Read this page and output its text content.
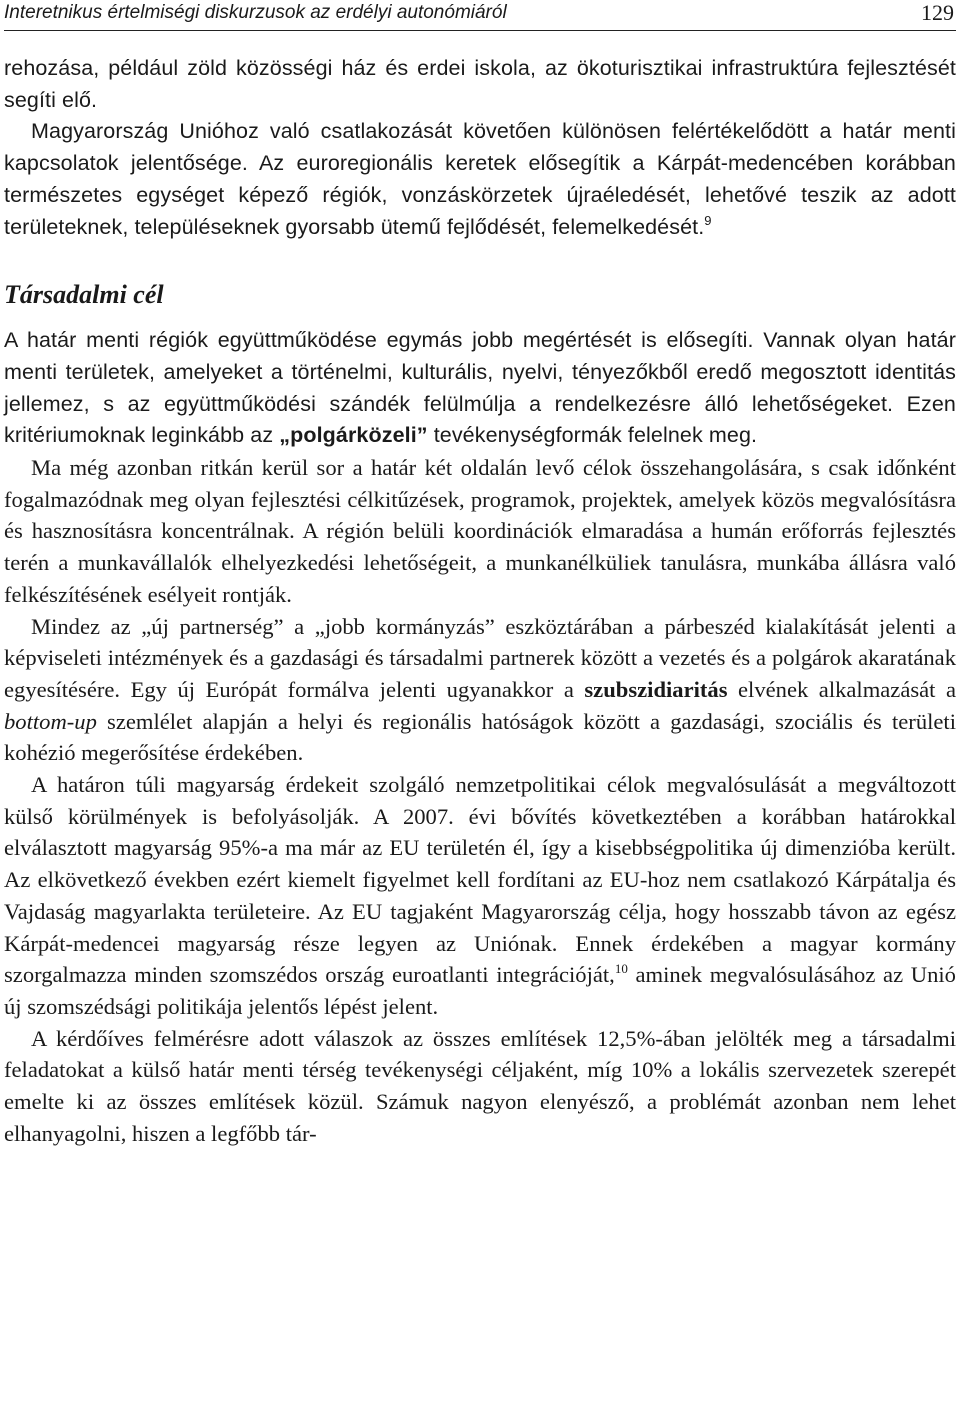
Interetnikus értelmiségi diskurzusok az erdélyi autonómiáról	129

rehozása, például zöld közösségi ház és erdei iskola, az ökoturisztikai infrastruktúra fejlesztését segíti elő.

Magyarország Unióhoz való csatlakozását követően különösen felértékelődött a határ menti kapcsolatok jelentősége. Az euroregionális keretek elősegítik a Kárpát-medencében korábban természetes egységet képező régiók, vonzáskörzetek újraéledését, lehetővé teszik az adott területeknek, településeknek gyorsabb ütemű fejlődését, felemelkedését.$^9$

Társadalmi cél

A határ menti régiók együttműködése egymás jobb megértését is elősegíti. Vannak olyan határ menti területek, amelyeket a történelmi, kulturális, nyelvi, tényezőkből eredő megosztott identitás jellemez, s az együttműködési szándék felülmúlja a rendelkezésre álló lehetőségeket. Ezen kritériumoknak leginkább az „polgárközeli” tevékenységformák felelnek meg.

Ma még azonban ritkán kerül sor a határ két oldalán levő célok összehangolására, s csak időnként fogalmazódnak meg olyan fejlesztési célkitűzések, programok, projektek, amelyek közös megvalósításra és hasznosításra koncentrálnak. A régión belüli koordinációk elmaradása a humán erőforrás fejlesztés terén a munkavállalók elhelyezkedési lehetőségeit, a munkanélküliek tanulásra, munkába állásra való felkészítésének esélyeit rontják.

Mindez az „új partnerség” a „jobb kormányzás” eszköztárában a párbeszéd kialakítását jelenti a képviseleti intézmények és a gazdasági és társadalmi partnerek között a vezetés és a polgárok akaratának egyesítésére. Egy új Európát formálva jelenti ugyanakkor a szubszidiaritás elvének alkalmazását a bottom-up szemlélet alapján a helyi és regionális hatóságok között a gazdasági, szociális és területi kohézió megerősítése érdekében.

A határon túli magyarság érdekeit szolgáló nemzetpolitikai célok megvalósulását a megváltozott külső körülmények is befolyásolják. A 2007. évi bővítés következtében a korábban határokkal elválasztott magyarság 95%-a ma már az EU területén él, így a kisebbségpolitika új dimenzióba került. Az elkövetkező években ezért kiemelt figyelmet kell fordítani az EU-hoz nem csatlakozó Kárpátalja és Vajdaság magyarlakta területeire. Az EU tagjaként Magyarország célja, hogy hosszabb távon az egész Kárpát-medencei magyarság része legyen az Uniónak. Ennek érdekében a magyar kormány szorgalmazza minden szomszédos ország euroatlanti integrációját,$^{10}$ aminek megvalósulásához az Unió új szomszédsági politikája jelentős lépést jelent.

A kérdőíves felmérésre adott válaszok az összes említések 12,5%-ában jelölték meg a társadalmi feladatokat a külső határ menti térség tevékenységi céljaként, míg 10% a lokális szervezetek szerepét emelte ki az összes említések közül. Számuk nagyon elenyésző, a problémát azonban nem lehet elhanyagolni, hiszen a legfőbb tár-
